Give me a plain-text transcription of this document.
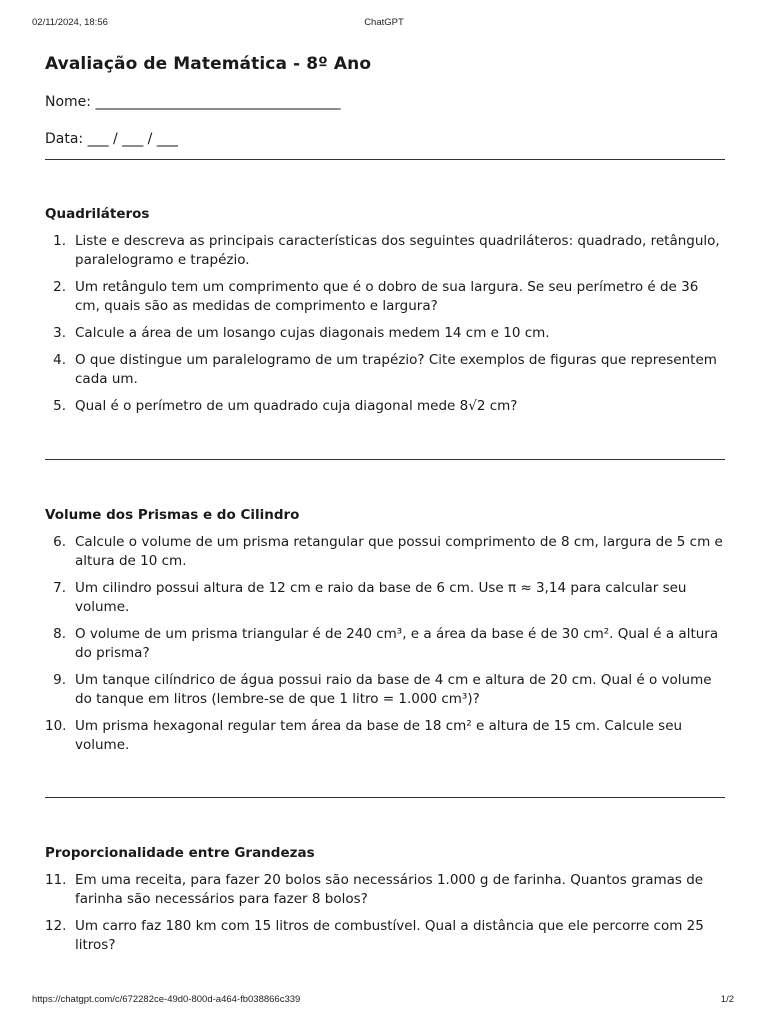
02/11/2024, 18:56	ChatGPT
Avaliação de Matemática - 8º Ano
Nome: ___________________________________
Data: ___ / ___ / ___
Quadriláteros
1. Liste e descreva as principais características dos seguintes quadriláteros: quadrado, retângulo, paralelogramo e trapézio.
2. Um retângulo tem um comprimento que é o dobro de sua largura. Se seu perímetro é de 36 cm, quais são as medidas de comprimento e largura?
3. Calcule a área de um losango cujas diagonais medem 14 cm e 10 cm.
4. O que distingue um paralelogramo de um trapézio? Cite exemplos de figuras que representem cada um.
5. Qual é o perímetro de um quadrado cuja diagonal mede 8√2 cm?
Volume dos Prismas e do Cilindro
6. Calcule o volume de um prisma retangular que possui comprimento de 8 cm, largura de 5 cm e altura de 10 cm.
7. Um cilindro possui altura de 12 cm e raio da base de 6 cm. Use π ≈ 3,14 para calcular seu volume.
8. O volume de um prisma triangular é de 240 cm³, e a área da base é de 30 cm². Qual é a altura do prisma?
9. Um tanque cilíndrico de água possui raio da base de 4 cm e altura de 20 cm. Qual é o volume do tanque em litros (lembre-se de que 1 litro = 1.000 cm³)?
10. Um prisma hexagonal regular tem área da base de 18 cm² e altura de 15 cm. Calcule seu volume.
Proporcionalidade entre Grandezas
11. Em uma receita, para fazer 20 bolos são necessários 1.000 g de farinha. Quantos gramas de farinha são necessários para fazer 8 bolos?
12. Um carro faz 180 km com 15 litros de combustível. Qual a distância que ele percorre com 25 litros?
https://chatgpt.com/c/672282ce-49d0-800d-a464-fb038866c339	1/2
